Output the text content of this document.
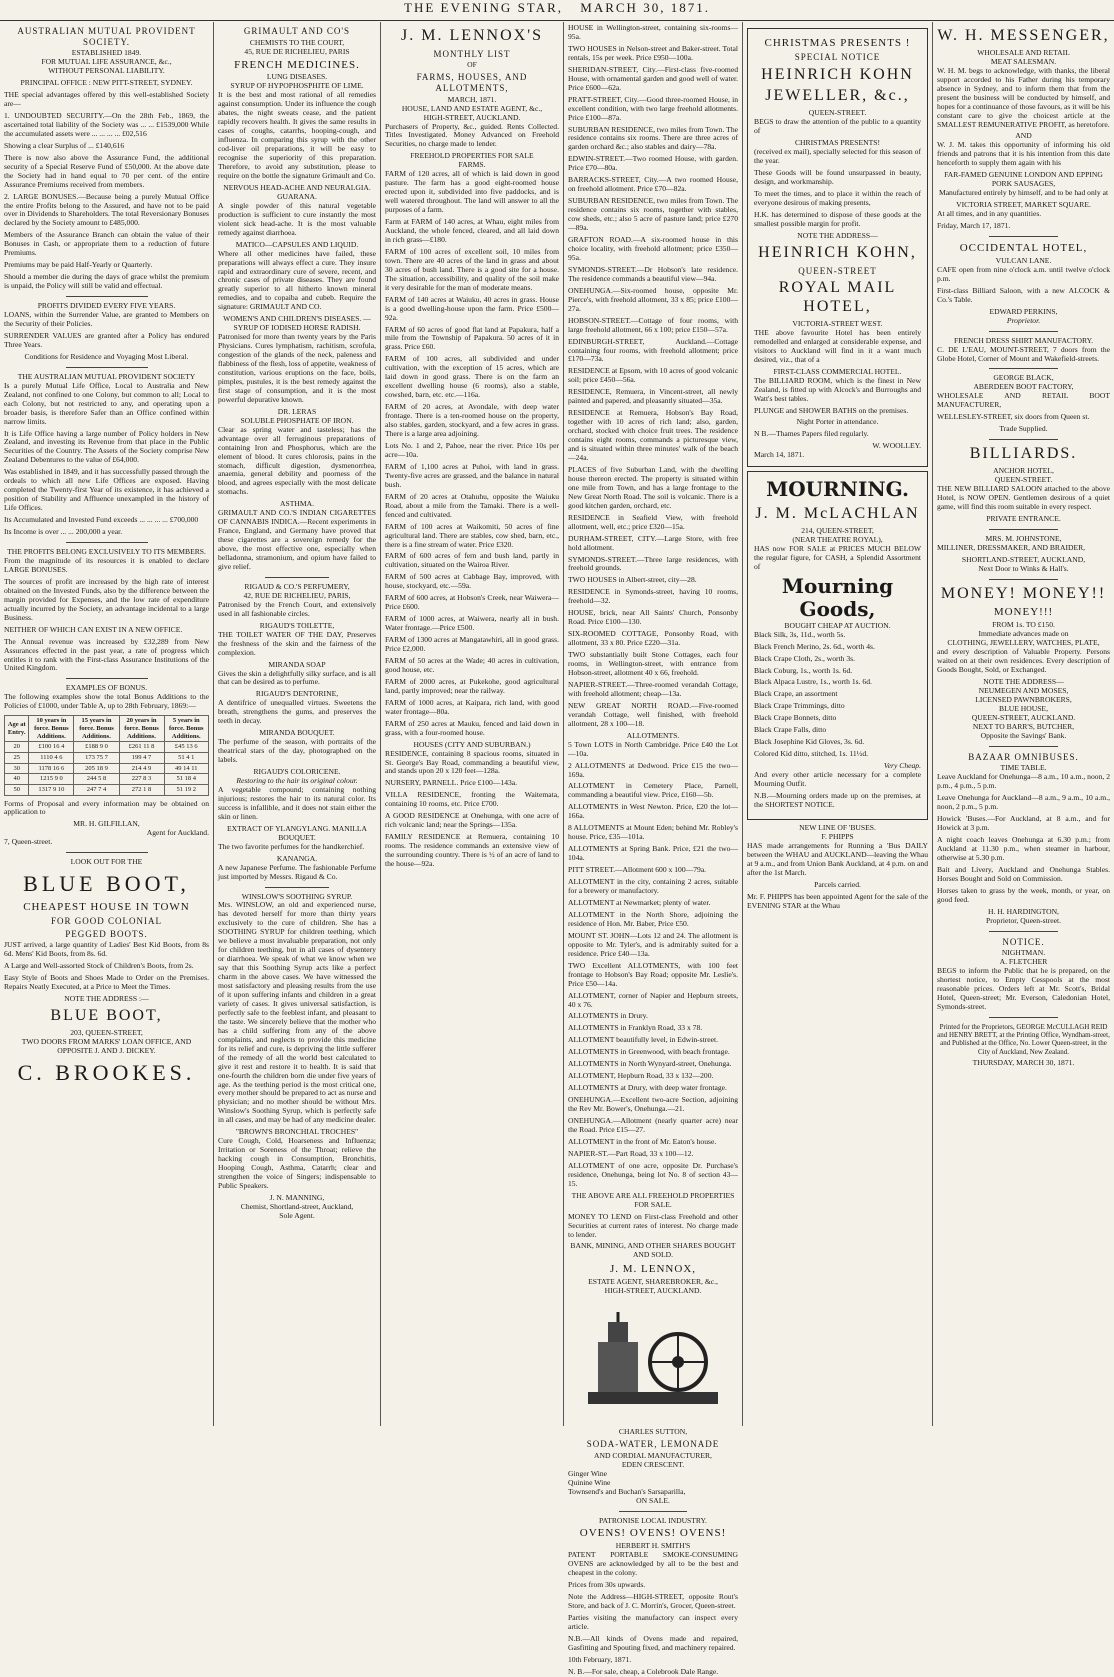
THE EVENING STAR, MARCH 30, 1871.
AUSTRALIAN MUTUAL PROVIDENT SOCIETY.
ESTABLISHED 1849.
FOR MUTUAL LIFE ASSURANCE, &c.,
WITHOUT PERSONAL LIABILITY.
PRINCIPAL OFFICE : NEW PITT-STREET, SYDNEY.

THE special advantages offered by this well-established Society are—

1. UNDOUBTED SECURITY.—On the 28th Feb., 1869, the ascertained total liability of the Society was ... ... £1539,000 While the accumulated assets were ... ... ... ... £02,516

Showing a clear Surplus of ... £140,616

There is now also above the Assurance Fund, the additional security of a Special Reserve Fund of £50,000. At the above date the Society had in hand equal to 70 per cent. of the entire Assurance Premiums received from members.

2. LARGE BONUSES.—Because being a purely Mutual Office the entire Profits belong to the Assured, and have not to be paid over in Dividends to Shareholders. The total Reversionary Bonuses declared by the Society amount to £485,000.

Members of the Assurance Branch can obtain the value of their Bonuses in Cash, or appropriate them to a reduction of future Premiums.

Premiums may be paid Half-Yearly or Quarterly.

Should a member die during the days of grace whilst the premium is unpaid, the Policy will still be valid and effectual.

PROFITS DIVIDED EVERY FIVE YEARS.

LOANS, within the Surrender Value, are granted to Members on the Security of their Policies.

SURRENDER VALUES are granted after a Policy has endured Three Years.

Conditions for Residence and Voyaging Most Liberal.

THE AUSTRALIAN MUTUAL PROVIDENT SOCIETY

Is a purely Mutual Life Office, Local to Australia and New Zealand, not confined to one Colony, but common to all; Local to each Colony, but not restricted to any, and operating upon a broader basis, is therefore Safer than an Office confined within narrow limits.

It is Life Office having a large number of Policy holders in New Zealand, and investing its Revenue from that place in the Public Securities of the Country. The Assets of the Society comprise New Zealand Debentures to the value of £64,000.

Was established in 1849, and it has successfully passed through the ordeals to which all new Life Offices are exposed. Having completed the Twenty-first Year of its existence, it has achieved a position of Stability and Affluence unexampled in the history of Life Offices.

Its Accumulated and Invested Fund exceeds ... ... ... ... £700,000

Its Income is over ... ... 200,000 a year.

THE PROFITS BELONG EXCLUSIVELY TO ITS MEMBERS.

From the magnitude of its resources it is enabled to declare LARGE BONUSES.

The sources of profit are increased by the high rate of interest obtained on the Invested Funds, also by the difference between the margin provided for Expenses, and the low rate of expenditure actually incurred by the Society, an advantage incidental to a large Business.

NEITHER OF WHICH CAN EXIST IN A NEW OFFICE.

The Annual revenue was increased by £32,289 from New Assurances effected in the past year, a rate of progress which entitles it to rank with the First-class Assurance Institutions of the United Kingdom.

EXAMPLES OF BONUS.

The following examples show the total Bonus Additions to the Policies of £1000, under Table A, up to 28th February, 1869:—

Age at Entry.	10 years in force. Bonus Additions.	15 years in force. Bonus Additions.	20 years in force. Bonus Additions.	5 years in force. Bonus Additions.
20	£100 16 4	£188 9 0	£261 11 8	£45 13 6
25	1110 4 6	173 75 7	199 4 7	51 4 1
30	1178 16 6	205 18 9	214 4 9	49 14 11
40	1215 9 0	244 5 8	227 8 3	51 18 4
50	1317 9 10	247 7 4	272 1 8	51 19 2

Forms of Proposal and every information may be obtained on application to

MR. H. GILFILLAN,
Agent for Auckland.
7, Queen-street.
LOOK OUT FOR THE
BLUE BOOT,
CHEAPEST HOUSE IN TOWN
FOR GOOD COLONIAL
PEGGED BOOTS.

JUST arrived, a large quantity of Ladies' Best Kid Boots, from 8s 6d. Mens' Kid Boots, from 8s. 6d.

A Large and Well-assorted Stock of Children's Boots, from 2s.

Easy Style of Boots and Shoes Made to Order on the Premises. Repairs Neatly Executed, at a Price to Meet the Times.

NOTE THE ADDRESS :—
BLUE BOOT,
203, QUEEN-STREET,
TWO DOORS FROM MARKS' LOAN OFFICE, AND OPPOSITE J. AND J. DICKEY.
C. BROOKES.
GRIMAULT AND CO'S
CHEMISTS TO THE COURT,
45, RUE DE RICHELIEU, PARIS
FRENCH MEDICINES.
LUNG DISEASES.
SYRUP OF HYPOPHOSPHITE OF LIME.

It is the best and most rational of all remedies against consumption. Under its influence the cough abates, the night sweats cease, and the patient rapidly recovers health. It gives the same results in cases of coughs, catarrhs, hooping-cough, and influenza. In comparing this syrup with the other cod-liver oil preparations, it will be easy to recognise the superiority of this preparation. Therefore, to avoid any substitution, please to require on the bottle the signature Grimault and Co.

NERVOUS HEAD-ACHE AND NEURALGIA.
GUARANA.

A single powder of this natural vegetable production is sufficient to cure instantly the most violent sick head-ache. It is the most valuable remedy against diarrhoea.

MATICO—CAPSULES AND LIQUID.

Where all other medicines have failed, these preparations will always effect a cure. They insure rapid and extraordinary cure of severe, recent, and chronic cases of private diseases. They are found greatly superior to all hitherto known mineral remedies, and to copaiba and cubeb. Require the signature: GRIMAULT AND CO.

WOMEN'S AND CHILDREN'S DISEASES. —SYRUP OF IODISED HORSE RADISH.

Patronised for more than twenty years by the Paris Physicians. Cures lymphatism, rachitism, scrofula, congestion of the glands of the neck, paleness and flabbiness of the flesh, loss of appetite, weakness of constitution, various eruptions on the face, boils, pimples, pustules, it is the best remedy against the first stage of consumption, and it is the most powerful depurative known.

DR. LERAS
SOLUBLE PHOSPHATE OF IRON.

Clear as spring water and tasteless; has the advantage over all ferruginous preparations of containing Iron and Phosphorus, which are the element of blood. It cures chlorosis, pains in the stomach, difficult digestion, dysmenorrhea, anaemia, general debility and poorness of the blood, and agrees especially with the most delicate stomachs.

ASTHMA.

GRIMAULT AND CO.'S INDIAN CIGARETTES OF CANNABIS INDICA.—Recent experiments in France, England, and Germany have proved that these cigarettes are a sovereign remedy for the above, the most effective one, especially when belladonna, stramonium, and opium have failed to give relief.

RIGAUD & CO.'S PERFUMERY,
42, RUE DE RICHELIEU, PARIS,

Patronised by the French Court, and extensively used in all fashionable circles.

RIGAUD'S TOILETTE,

THE TOILET WATER OF THE DAY, Preserves the freshness of the skin and the fairness of the complexion.

MIRANDA SOAP

Gives the skin a delightfully silky surface, and is all that can be desired as to perfume.

RIGAUD'S DENTORINE,

A dentifrice of unequalled virtues. Sweetens the breath, strengthens the gums, and preserves the teeth in decay.

MIRANDA BOUQUET.

The perfume of the season, with portraits of the theatrical stars of the day, photographed on the labels.

RIGAUD'S COLORICENE.
Restoring to the hair its original colour.

A vegetable compound; containing nothing injurious; restores the hair to its natural color. Its success is infallible, and it does not stain either the skin or linen.

EXTRACT OF YLANGYLANG. MANILLA BOUQUET.

The two favorite perfumes for the handkerchief.

KANANGA.

A new Japanese Perfume. The fashionable Perfume just imported by Messrs. Rigaud & Co.

WINSLOW'S SOOTHING SYRUP.

Mrs. WINSLOW, an old and experienced nurse, has devoted herself for more than thirty years exclusively to the cure of children. She has a SOOTHING SYRUP for children teething, which we believe a most invaluable preparation, not only for children teething, but in all cases of dysentery or diarrhoea. We speak of what we know when we say that this Soothing Syrup acts like a perfect charm in the above cases. We have witnessed the most satisfactory and pleasing results from the use of it upon suffering infants and children in a great variety of cases. It gives universal satisfaction, is perfectly safe to the feeblest infant, and pleasant to the taste. We sincerely believe that the mother who has a child suffering from any of the above complaints, and neglects to provide this medicine for its relief and cure, is depriving the little sufferer of the remedy of all the world best calculated to give it rest and restore it to health. It is said that one-fourth the children born die under five years of age. As the teething period is the most critical one, every mother should be prepared to act as nurse and physician; and no mother should be without Mrs. Winslow's Soothing Syrup, which is perfectly safe in all cases, and may be had of any medicine dealer.

"BROWN'S BRONCHIAL TROCHES"

Cure Cough, Cold, Hoarseness and Influenza; Irritation or Soreness of the Throat; relieve the hacking cough in Consumption, Bronchitis, Hooping Cough, Asthma, Catarrh; clear and strengthen the voice of Singers; indispensable to Public Speakers.

J. N. MANNING,
Chemist, Shortland-street, Auckland,
Sole Agent.
J. M. LENNOX'S
MONTHLY LIST
OF
FARMS, HOUSES, AND ALLOTMENTS,
MARCH, 1871.
HOUSE, LAND AND ESTATE AGENT, &c.,
HIGH-STREET, AUCKLAND.

Purchasers of Property, &c., guided. Rents Collected. Titles Investigated. Money Advanced on Freehold Securities, no charge made to lender.

FREEHOLD PROPERTIES FOR SALE
FARMS.

FARM of 120 acres, all of which is laid down in good pasture. The farm has a good eight-roomed house erected upon it, subdivided into five paddocks, and is well watered throughout. The land will answer to all the purposes of a farm.

Farm at FARM of 140 acres, at Whau, eight miles from Auckland, the whole fenced, cleared, and all laid down in rich grass—£180.

FARM of 100 acres of excellent soil, 10 miles from town. There are 40 acres of the land in grass and about 30 acres of bush land. There is a good site for a house. The situation, accessibility, and quality of the soil make it very desirable for the man of moderate means.

FARM of 140 acres at Waiuku, 40 acres in grass. House is a good dwelling-house upon the farm. Price £500—92a.

FARM of 60 acres of good flat land at Papakura, half a mile from the Township of Papakura. 50 acres of it in grass. Price £60.

FARM of 100 acres, all subdivided and under cultivation, with the exception of 15 acres, which are laid down in good grass. There is on the farm an excellent dwelling house (6 rooms), also a stable, cowshed, barn, etc. etc.—116a.

FARM of 20 acres, at Avondale, with deep water frontage. There is a ten-roomed house on the property, also stables, garden, stockyard, and a few acres in grass. There is a large area adjoining.

Lots No. 1 and 2, Pahoe, near the river. Price 10s per acre—10a.

FARM of 1,100 acres at Puhoi, with land in grass. Twenty-five acres are grassed, and the balance in natural bush.

FARM of 20 acres at Otahuhu, opposite the Waiuku Road, about a mile from the Tamaki. There is a well-fenced and cultivated.

FARM of 100 acres at Waikomiti, 50 acres of fine agricultural land. There are stables, cow shed, barn, etc., there is a fine stream of water. Price £320.

FARM of 600 acres of fern and bush land, partly in cultivation, situated on the Wairoa River.

FARM of 500 acres at Cabbage Bay, improved, with house, stockyard, etc.—59a.

FARM of 600 acres, at Hobson's Creek, near Waiwera—Price £600.

FARM of 1000 acres, at Waiwera, nearly all in bush. Water frontage.—Price £500.

FARM of 1300 acres at Mangatawhiri, all in good grass. Price £2,000.

FARM of 50 acres at the Wade; 40 acres in cultivation, good house, etc.

FARM of 2000 acres, at Pukekohe, good agricultural land, partly improved; near the railway.

FARM of 1000 acres, at Kaipara, rich land, with good water frontage—80a.

FARM of 250 acres at Mauku, fenced and laid down in grass, with a four-roomed house.

HOUSES (CITY AND SUBURBAN.)

RESIDENCE, containing 8 spacious rooms, situated in St. George's Bay Road, commanding a beautiful view, and stands upon 20 x 120 feet—128a.

NURSERY, PARNELL. Price £100—143a.

VILLA RESIDENCE, fronting the Waitemata, containing 10 rooms, etc. Price £700.

A GOOD RESIDENCE at Onehunga, with one acre of rich volcanic land; near the Springs—135a.

FAMILY RESIDENCE at Remuera, containing 10 rooms. The residence commands an extensive view of the surrounding country. There is ½ of an acre of land to the house—92a.

HOUSE in Wellington-street, containing six-rooms—95a.

TWO HOUSES in Nelson-street and Baker-street. Total rentals, 15s per week. Price £950—100a.

SHERIDAN-STREET, City.—First-class five-roomed House, with ornamental garden and good well of water. Price £600—62a.

PRATT-STREET, City.—Good three-roomed House, in excellent condition, with two large freehold allotments. Price £100—87a.

SUBURBAN RESIDENCE, two miles from Town. The residence contains six rooms. There are three acres of garden orchard &c.; also stables and dairy—78a.

EDWIN-STREET.—Two roomed House, with garden. Price £70—80a.

BARRACKS-STREET, City.—A two roomed House, on freehold allotment. Price £70—82a.

SUBURBAN RESIDENCE, two miles from Town. The residence contains six rooms, together with stables, cow sheds, etc.; also 5 acre of pasture land; price £270—89a.

GRAFTON ROAD.—A six-roomed house in this choice locality, with freehold allotment; price £350—95a.

SYMONDS-STREET.—Dr Hobson's late residence. The residence commands a beautiful view—94a.

ONEHUNGA.—Six-roomed house, opposite Mr. Pierce's, with freehold allotment, 33 x 85; price £100—27a.

HOBSON-STREET.—Cottage of four rooms, with large freehold allotment, 66 x 100; price £150—57a.

EDINBURGH-STREET, Auckland.—Cottage containing four rooms, with freehold allotment; price £170—73a.

RESIDENCE at Epsom, with 10 acres of good volcanic soil; price £450—56a.

RESIDENCE, Remuera, in Vincent-street, all newly painted and papered, and pleasantly situated—35a.

RESIDENCE at Remuera, Hobson's Bay Road, together with 10 acres of rich land; also, garden, orchard, stocked with choice fruit trees. The residence contains eight rooms, commands a picturesque view, and is situated within three minutes' walk of the beach—24a.

PLACES of five Suburban Land, with the dwelling house thereon erected. The property is situated within one mile from Town, and has a large frontage to the New Great North Road. The soil is volcanic. There is a good kitchen garden, orchard, etc.

RESIDENCE in Seafield View, with freehold allotment, well, etc.; price £320—15a.

DURHAM-STREET, CITY.—Large Store, with free hold allotment.

SYMONDS-STREET.—Three large residences, with freehold grounds.

TWO HOUSES in Albert-street, city—28.

RESIDENCE in Symonds-street, having 10 rooms, freehold—32.

HOUSE, brick, near All Saints' Church, Ponsonby Road. Price £100—130.

SIX-ROOMED COTTAGE, Ponsonby Road, with allotment, 33 x 80. Price £220—31a.

TWO substantially built Stone Cottages, each four rooms, in Wellington-street, with entrance from Hobson-street, allotment 40 x 66, freehold.

NAPIER-STREET.—Three-roomed verandah Cottage, with freehold allotment; cheap—13a.

NEW GREAT NORTH ROAD.—Five-roomed verandah Cottage, well finished, with freehold allotment, 28 x 100—18.

ALLOTMENTS.

5 Town LOTS in North Cambridge. Price £40 the Lot—10a.

2 ALLOTMENTS at Dedwood. Price £15 the two—169a.

ALLOTMENT in Cemetery Place, Parnell, commanding a beautiful view. Price, £160—5b.

ALLOTMENTS in West Newton. Price, £20 the lot—166a.

8 ALLOTMENTS at Mount Eden; behind Mr. Robley's house. Price, £35—101a.

ALLOTMENTS at Spring Bank. Price, £21 the two—104a.

PITT STREET.—Allotment 600 x 100—79a.

ALLOTMENT in the city, containing 2 acres, suitable for a brewery or manufactory.

ALLOTMENT at Newmarket; plenty of water.

ALLOTMENT in the North Shore, adjoining the residence of Hon. Mr. Baber, Price £50.

MOUNT ST. JOHN—Lots 12 and 24. The allotment is opposite to Mr. Tyler's, and is admirably suited for a residence. Price £40—13a.

TWO Excellent ALLOTMENTS, with 100 feet frontage to Hobson's Bay Road; opposite Mr. Leslie's. Price £50—14a.

ALLOTMENT, corner of Napier and Hepburn streets, 40 x 76.

ALLOTMENTS in Drury.

ALLOTMENTS in Franklyn Road, 33 x 78.

ALLOTMENT beautifully level, in Edwin-street.

ALLOTMENTS in Greenwood, with beach frontage.

ALLOTMENTS in North Wynyard-street, Onehunga.

ALLOTMENT, Hepburn Road, 33 x 132—200.

ALLOTMENTS at Drury, with deep water frontage.

ONEHUNGA.—Excellent two-acre Section, adjoining the Rev Mr. Bower's, Onehunga.—21.

ONEHUNGA.—Allotment (nearly quarter acre) near the Road. Price £15—27.

ALLOTMENT in the front of Mr. Eaton's house.

NAPIER-ST.—Part Road, 33 x 100—12.

ALLOTMENT of one acre, opposite Dr. Purchase's residence, Onehunga, being lot No. 8 of section 43—15.

THE ABOVE ARE ALL FREEHOLD PROPERTIES FOR SALE.

MONEY TO LEND on First-class Freehold and other Securities at current rates of interest. No charge made to lender.

BANK, MINING, AND OTHER SHARES BOUGHT AND SOLD.

J. M. LENNOX,
ESTATE AGENT, SHAREBROKER, &c.,
HIGH-STREET, AUCKLAND.
CHARLES SUTTON,
SODA-WATER, LEMONADE
AND CORDIAL MANUFACTURER,
EDEN CRESCENT.
Ginger Wine
Quinine Wine
Townsend's and Buchan's Sarsaparilla,
ON SALE.
PATRONISE LOCAL INDUSTRY.
OVENS! OVENS! OVENS!
HERBERT H. SMITH'S

PATENT PORTABLE SMOKE-CONSUMING OVENS are acknowledged by all to be the best and cheapest in the colony.

Prices from 30s upwards.

Note the Address—HIGH-STREET, opposite Rout's Store, and back of J. C. Morrin's, Grocer, Queen-street.

Parties visiting the manufactory can inspect every article.

N.B.—All kinds of Ovens made and repaired, Gasfitting and Spouting fixed, and machinery repaired.

10th February, 1871.

N. B.—For sale, cheap, a Colebrook Dale Range.

CHRISTMAS PRESENTS !
SPECIAL NOTICE
HEINRICH KOHN
JEWELLER, &c.,
QUEEN-STREET.

BEGS to draw the attention of the public to a quantity of

CHRISTMAS PRESENTS!

(received ex mail), specially selected for this season of the year.

These Goods will be found unsurpassed in beauty, design, and workmanship.

To meet the times, and to place it within the reach of everyone desirous of making presents,

H.K. has determined to dispose of these goods at the smallest possible margin for profit.

NOTE THE ADDRESS—
HEINRICH KOHN,
QUEEN-STREET
ROYAL MAIL HOTEL,
VICTORIA-STREET WEST.

THE above favourite Hotel has been entirely remodelled and enlarged at considerable expense, and visitors to Auckland will find in it a want much desired, viz., that of a

FIRST-CLASS COMMERCIAL HOTEL.

The BILLIARD ROOM, which is the finest in New Zealand, is fitted up with Alcock's and Burroughs and Watt's best tables.

PLUNGE and SHOWER BATHS on the premises.

Night Porter in attendance.

N B.—Thames Papers filed regularly.

W. WOOLLEY.
March 14, 1871.
MOURNING.
J. M. McLACHLAN
214, QUEEN-STREET,
(NEAR THEATRE ROYAL),

HAS now FOR SALE at PRICES MUCH BELOW the regular figure, for CASH, a Splendid Assortment of

Mourning Goods,
BOUGHT CHEAP AT AUCTION.

Black Silk, 3s, 11d., worth 5s.

Black French Merino, 2s. 6d., worth 4s.

Black Crape Cloth, 2s., worth 3s.

Black Coburg, 1s., worth 1s. 6d.

Black Alpaca Lustre, 1s., worth 1s. 6d.

Black Crape, an assortment

Black Crape Trimmings, ditto

Black Crape Bonnets, ditto

Black Crape Falls, ditto

Black Josephine Kid Gloves, 3s. 6d.

Colored Kid ditto, stitched, 1s. 11½d.

Very Cheap.

And every other article necessary for a complete Mourning Outfit.

N.B.—Mourning orders made up on the premises, at the SHORTEST NOTICE.

NEW LINE OF 'BUSES.
F. PHIPPS

HAS made arrangements for Running a 'Bus DAILY between the WHAU and AUCKLAND—leaving the Whau at 9 a.m., and from Union Bank Auckland, at 4 p.m. on and after the 1st March.

Parcels carried.

Mr. F. PHIPPS has been appointed Agent for the sale of the EVENING STAR at the Whau

W. H. MESSENGER,
WHOLESALE AND RETAIL
MEAT SALESMAN.

W. H. M. begs to acknowledge, with thanks, the liberal support accorded to his Father during his temporary absence in Sydney, and to inform them that from the present the business will be conducted by himself, and hopes for a continuance of those favours, as it will be his constant care to give the choicest article at the SMALLEST REMUNERATIVE PROFIT, as heretofore.

AND

W. J. M. takes this opportunity of informing his old friends and patrons that it is his intention from this date henceforth to supply them again with his

FAR-FAMED GENUINE LONDON AND EPPING PORK SAUSAGES,

Manufactured entirely by himself, and to be had only at

VICTORIA STREET, MARKET SQUARE.

At all times, and in any quantities.

Friday, March 17, 1871.

OCCIDENTAL HOTEL,
VULCAN LANE.

CAFE open from nine o'clock a.m. until twelve o'clock p.m.

First-class Billiard Saloon, with a new ALCOCK & Co.'s Table.

EDWARD PERKINS,
Proprietor.
FRENCH DRESS SHIRT MANUFACTORY.

C. DE L'EAU, MOUNT-STREET, 7 doors from the Globe Hotel, Corner of Mount and Wakefield-streets.

GEORGE BLACK,
ABERDEEN BOOT FACTORY,

WHOLESALE AND RETAIL BOOT MANUFACTURER,

WELLESLEY-STREET, six doors from Queen st.

Trade Supplied.
BILLIARDS.
ANCHOR HOTEL,
QUEEN-STREET.

THE NEW BILLIARD SALOON attached to the above Hotel, is NOW OPEN. Gentlemen desirous of a quiet game, will find this room suitable in every respect.

PRIVATE ENTRANCE.
MRS. M. JOHNSTONE,

MILLINER, DRESSMAKER, AND BRAIDER,

SHORTLAND-STREET, AUCKLAND,
Next Door to Winks & Hall's.
MONEY! MONEY!!
MONEY!!!
FROM 1s. TO £150.
Immediate advances made on
CLOTHING, JEWELLERY, WATCHES, PLATE,

and every description of Valuable Property. Persons waited on at their own residences. Every description of Goods Bought, Sold, or Exchanged.

NOTE THE ADDRESS—
NEUMEGEN AND MOSES,
LICENSED PAWNBROKERS,
BLUE HOUSE,
QUEEN-STREET, AUCKLAND.
NEXT TO BARR'S, BUTCHER,
Opposite the Savings' Bank.
BAZAAR OMNIBUSES.
TIME TABLE.

Leave Auckland for Onehunga—8 a.m., 10 a.m., noon, 2 p.m., 4 p.m., 5 p.m.

Leave Onehunga for Auckland—8 a.m., 9 a.m., 10 a.m., noon, 2 p.m., 5 p.m.

Howick 'Buses.—For Auckland, at 8 a.m., and for Howick at 3 p.m.

A night coach leaves Onehunga at 6.30 p.m.; from Auckland at 11.30 p.m., when steamer in harbour, otherwise at 5.30 p.m.

Bait and Livery, Auckland and Onehunga Stables. Horses Bought and Sold on Commission.

Horses taken to grass by the week, month, or year, on good feed.

H. H. HARDINGTON,
Proprietor, Queen-street.
NOTICE.
NIGHTMAN.
A. FLETCHER

BEGS to inform the Public that he is prepared, on the shortest notice, to Empty Cesspools at the most reasonable prices. Orders left at Mr. Scott's, Bridal Hotel, Queen-street; Mr. Everson, Caledonian Hotel, Symonds-street.

Printed for the Proprietors, GEORGE McCULLAGH REID and HENRY BRETT, at the Printing Office, Wyndham-street, and Published at the Office, No. Lower Queen-street, in the City of Auckland, New Zealand.

THURSDAY, MARCH 30, 1871.
